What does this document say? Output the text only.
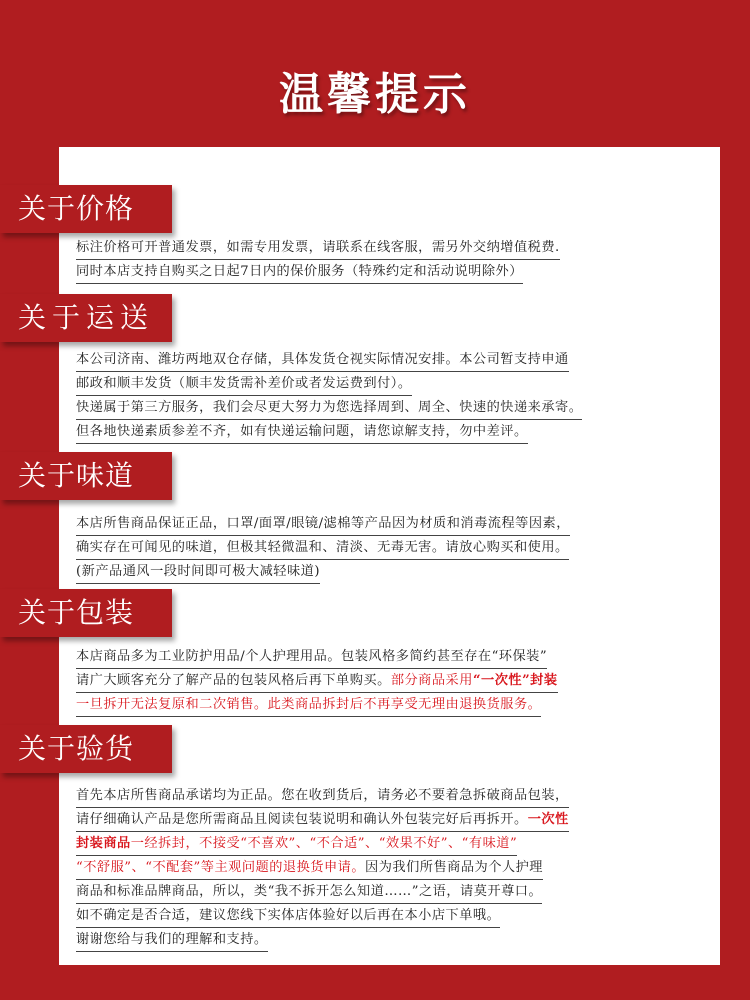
温馨提示
关于价格
标注价格可开普通发票，如需专用发票，请联系在线客服，需另外交纳增值税费.
同时本店支持自购买之日起7日内的保价服务（特殊约定和活动说明除外）
关于运送
本公司济南、潍坊两地双仓存储，具体发货仓视实际情况安排。本公司暂支持申通
邮政和顺丰发货（顺丰发货需补差价或者发运费到付）。
快递属于第三方服务，我们会尽更大努力为您选择周到、周全、快速的快递来承寄。
但各地快递素质参差不齐，如有快递运输问题，请您谅解支持，勿中差评。
关于味道
本店所售商品保证正品，口罩/面罩/眼镜/滤棉等产品因为材质和消毒流程等因素，
确实存在可闻见的味道，但极其轻微温和、清淡、无毒无害。请放心购买和使用。
(新产品通风一段时间即可极大减轻味道)
关于包装
本店商品多为工业防护用品/个人护理用品。包装风格多简约甚至存在“环保装”
请广大顾客充分了解产品的包装风格后再下单购买。部分商品采用“一次性”封装
一旦拆开无法复原和二次销售。此类商品拆封后不再享受无理由退换货服务。
关于验货
首先本店所售商品承诺均为正品。您在收到货后，请务必不要着急拆破商品包装，
请仔细确认产品是您所需商品且阅读包装说明和确认外包装完好后再拆开。一次性
封装商品一经拆封，不接受“不喜欢”、“不合适”、“效果不好”、“有味道”
“不舒服”、“不配套”等主观问题的退换货申请。因为我们所售商品为个人护理
商品和标准品牌商品，所以，类“我不拆开怎么知道……”之语，请莫开尊口。
如不确定是否合适，建议您线下实体店体验好以后再在本小店下单哦。
谢谢您给与我们的理解和支持。
